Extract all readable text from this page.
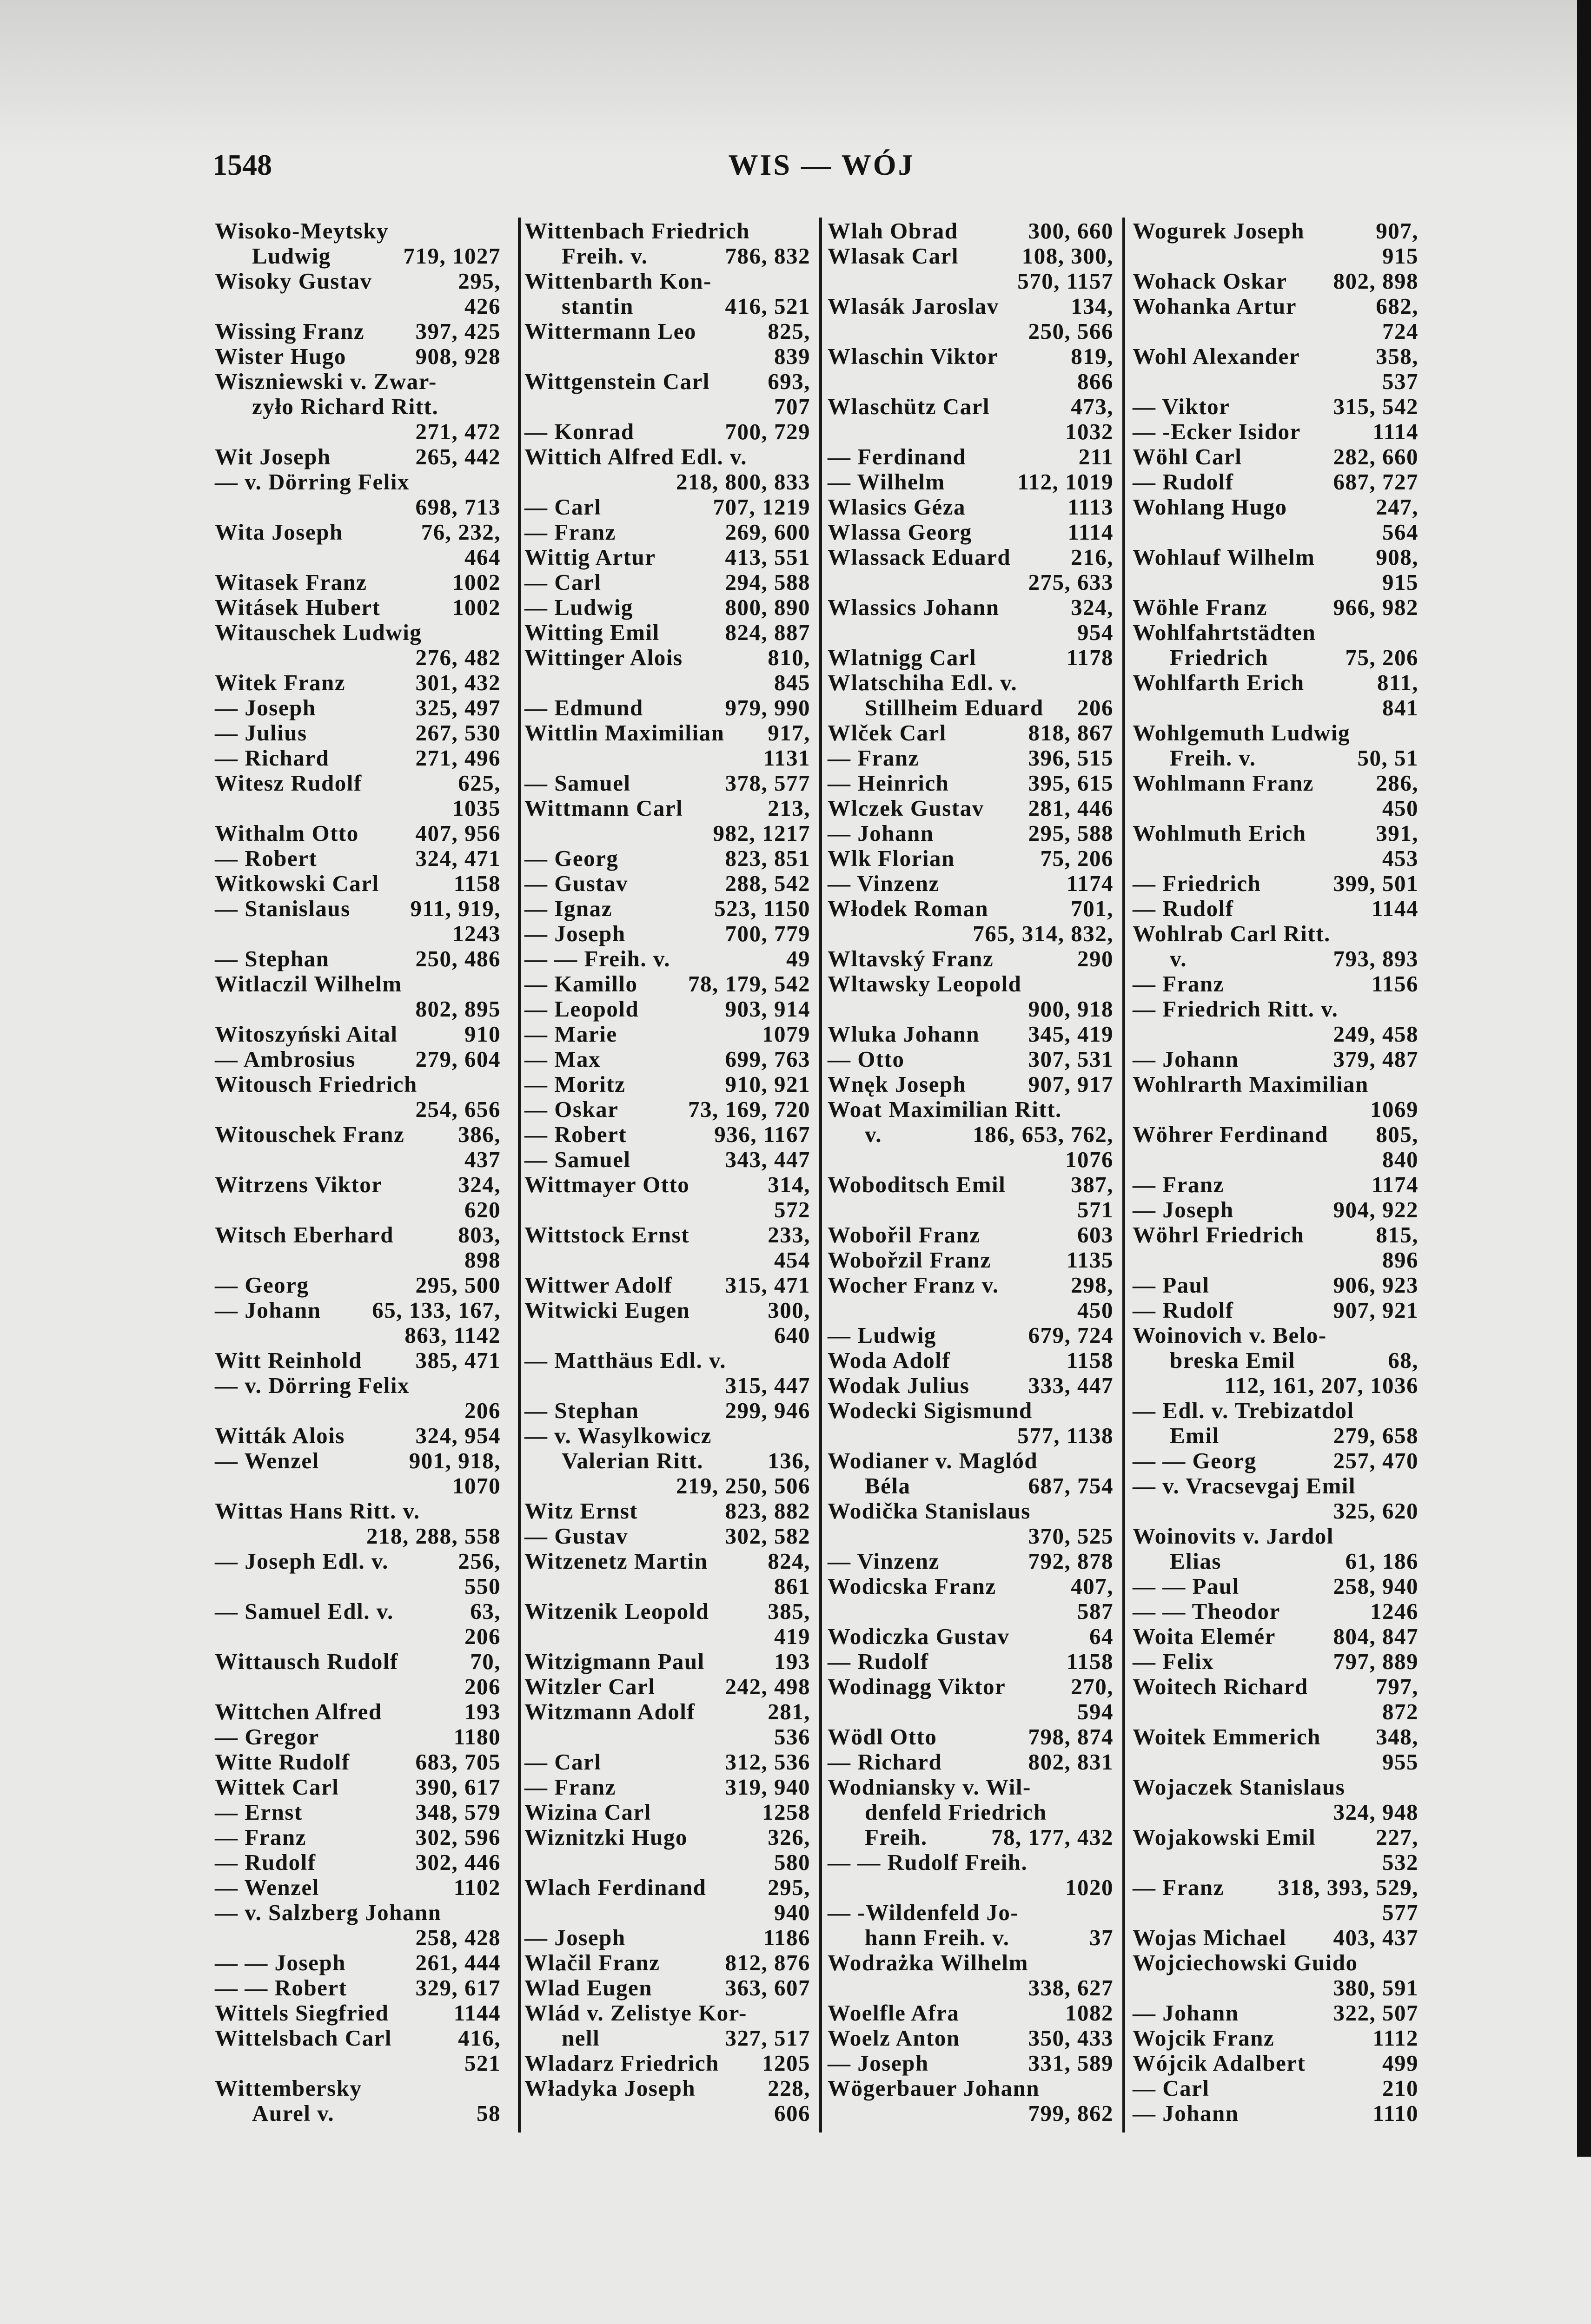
1548	WIS — WÓJ
Wisoko-Meytsky
Ludwig	719, 1027
Wisoky Gustav	295,
426
Wissing Franz 397, 425
Wister Hugo	908, 928
Wiszniewski v. Zwar-
zyło Richard Ritt.
271, 472
Wit Joseph	265, 442
— v. Dörring Felix
698, 713
Wita Joseph	76, 232,
464
Witasek Franz	1002
Witásek Hubert	1002
Witauschek Ludwig
276, 482
Witek Franz	301, 432
— Joseph	325, 497
— Julius	267, 530
— Richard	271, 496
Witesz Rudolf	625,
1035
Withalm Otto 407, 956
— Robert	324, 471
Witkowski Carl	1158
— Stanislaus	911, 919,
1243
— Stephan	250, 486
Witlaczil Wilhelm
802, 895
Witoszyński Aital	910
— Ambrosius	279, 604
Witousch Friedrich
254, 656
Witouschek Franz 386,
437
Witrzens Viktor	324,
620
Witsch Eberhard	803,
898
— Georg	295, 500
— Johann 65, 133, 167,
863, 1142
Witt Reinhold 385, 471
— v. Dörring Felix
206
Witták Alois	324, 954
— Wenzel	901, 918,
1070
Wittas Hans Ritt. v.
218, 288, 558
— Joseph Edl. v.	256,
550
— Samuel Edl. v.	63,
206
Wittausch Rudolf	70,
206
Wittchen Alfred	193
— Gregor	1180
Witte Rudolf	683, 705
Wittek Carl	390, 617
— Ernst	348, 579
— Franz	302, 596
— Rudolf	302, 446
— Wenzel	1102
— v. Salzberg Johann
258, 428
— — Joseph	261, 444
— — Robert	329, 617
Wittels Siegfried	1144
Wittelsbach Carl	416,
521
Wittembersky
Aurel v.	58
Wittenbach Friedrich
Freih. v.	786, 832
Wittenbarth Kon-
stantin	416, 521
Wittermann Leo	825,
839
Wittgenstein Carl	693,
707
— Konrad	700, 729
Wittich Alfred Edl. v.
218, 800, 833
— Carl	707, 1219
— Franz	269, 600
Wittig Artur	413, 551
— Carl	294, 588
— Ludwig	800, 890
Witting Emil	824, 887
Wittinger Alois	810,
845
— Edmund	979, 990
Wittlin Maximilian 917,
1131
— Samuel	378, 577
Wittmann Carl	213,
982, 1217
— Georg	823, 851
— Gustav	288, 542
— Ignaz	523, 1150
— Joseph	700, 779
— — Freih. v.	49
— Kamillo 78, 179, 542
— Leopold	903, 914
— Marie	1079
— Max	699, 763
— Moritz	910, 921
— Oskar	73, 169, 720
— Robert	936, 1167
— Samuel	343, 447
Wittmayer Otto	314,
572
Wittstock Ernst	233,
454
Wittwer Adolf 315, 471
Witwicki Eugen	300,
640
— Matthäus Edl. v.
315, 447
— Stephan	299, 946
— v. Wasylkowicz
Valerian Ritt.	136,
219, 250, 506
Witz Ernst	823, 882
— Gustav	302, 582
Witzenetz Martin	824,
861
Witzenik Leopold	385,
419
Witzigmann Paul	193
Witzler Carl	242, 498
Witzmann Adolf	281,
536
— Carl	312, 536
— Franz	319, 940
Wizina Carl	1258
Wiznitzki Hugo	326,
580
Wlach Ferdinand	295,
940
— Joseph	1186
Wlačil Franz	812, 876
Wlad Eugen	363, 607
Wlád v. Zelistye Kor-
nell	327, 517
Wladarz Friedrich 1205
Władyka Joseph	228,
606
Wlah Obrad	300, 660
Wlasak Carl	108, 300,
570, 1157
Wlasák Jaroslav	134,
250, 566
Wlaschin Viktor	819,
866
Wlaschütz Carl	473,
1032
— Ferdinand	211
— Wilhelm	112, 1019
Wlasics Géza	1113
Wlassa Georg	1114
Wlassack Eduard	216,
275, 633
Wlassics Johann	324,
954
Wlatnigg Carl	1178
Wlatschiha Edl. v.
Stillheim Eduard 206
Wlček Carl	818, 867
— Franz	396, 515
— Heinrich	395, 615
Wlczek Gustav 281, 446
— Johann	295, 588
Wlk Florian	75, 206
— Vinzenz	1174
Włodek Roman	701,
765, 314, 832,
Wltavský Franz	290
Wltawsky Leopold
900, 918
Wluka Johann 345, 419
— Otto	307, 531
Wnęk Joseph	907, 917
Woat Maximilian Ritt.
v.	186, 653, 762,
1076
Woboditsch Emil	387,
571
Wobořil Franz	603
Wobořzil Franz	1135
Wocher Franz v.	298,
450
— Ludwig	679, 724
Woda Adolf	1158
Wodak Julius	333, 447
Wodecki Sigismund
577, 1138
Wodianer v. Maglód
Béla	687, 754
Wodička Stanislaus
370, 525
— Vinzenz	792, 878
Wodicska Franz	407,
587
Wodiczka Gustav	64
— Rudolf	1158
Wodinagg Viktor	270,
594
Wödl Otto	798, 874
— Richard	802, 831
Wodniansky v. Wil-
denfeld Friedrich
Freih.	78, 177, 432
— — Rudolf Freih.
1020
— -Wildenfeld Jo-
hann Freih. v.	37
Wodrażka Wilhelm
338, 627
Woelfle Afra	1082
Woelz Anton	350, 433
— Joseph	331, 589
Wögerbauer Johann
799, 862
Wogurek Joseph	907,
915
Wohack Oskar 802, 898
Wohanka Artur	682,
724
Wohl Alexander	358,
537
— Viktor	315, 542
— -Ecker Isidor	1114
Wöhl Carl	282, 660
— Rudolf	687, 727
Wohlang Hugo	247,
564
Wohlauf Wilhelm	908,
915
Wöhle Franz	966, 982
Wohlfahrtstädten
Friedrich	75, 206
Wohlfarth Erich	811,
841
Wohlgemuth Ludwig
Freih. v.	50, 51
Wohlmann Franz	286,
450
Wohlmuth Erich	391,
453
— Friedrich	399, 501
— Rudolf	1144
Wohlrab Carl Ritt.
v.	793, 893
— Franz	1156
— Friedrich Ritt. v.
249, 458
— Johann	379, 487
Wohlrarth Maximilian
1069
Wöhrer Ferdinand 805,
840
— Franz	1174
— Joseph	904, 922
Wöhrl Friedrich	815,
896
— Paul	906, 923
— Rudolf	907, 921
Woinovich v. Belo-
breska Emil	68,
112, 161, 207, 1036
— Edl. v. Trebizatdol
Emil	279, 658
— — Georg	257, 470
— v. Vracsevgaj Emil
325, 620
Woinovits v. Jardol
Elias	61, 186
— — Paul	258, 940
— — Theodor	1246
Woita Elemér	804, 847
— Felix	797, 889
Woitech Richard	797,
872
Woitek Emmerich 348,
955
Wojaczek Stanislaus
324, 948
Wojakowski Emil	227,
532
— Franz 318, 393, 529,
577
Wojas Michael 403, 437
Wojciechowski Guido
380, 591
— Johann	322, 507
Wojcik Franz	1112
Wójcik Adalbert	499
— Carl	210
— Johann	1110
